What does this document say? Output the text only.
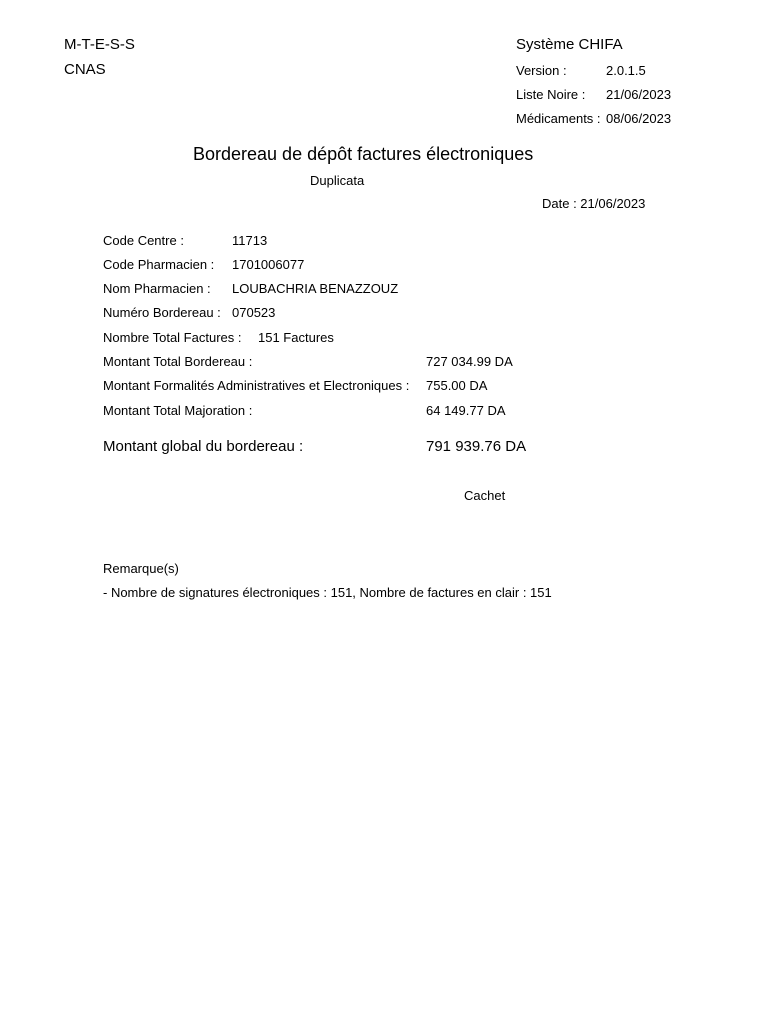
M-T-E-S-S
CNAS
Système CHIFA
Version :	2.0.1.5
Liste Noire : 21/06/2023
Médicaments : 08/06/2023
Bordereau de dépôt factures électroniques
Duplicata
Date : 21/06/2023
Code Centre :	11713
Code Pharmacien : 1701006077
Nom Pharmacien : LOUBACHRIA BENAZZOUZ
Numéro Bordereau : 070523
Nombre Total Factures : 151 Factures
Montant Total Bordereau :	727 034.99 DA
Montant Formalités Administratives et Electroniques : 755.00 DA
Montant Total Majoration :	64 149.77 DA
Montant global du bordereau :	791 939.76 DA
Cachet
Remarque(s)
- Nombre de signatures électroniques : 151, Nombre de factures en clair : 151
